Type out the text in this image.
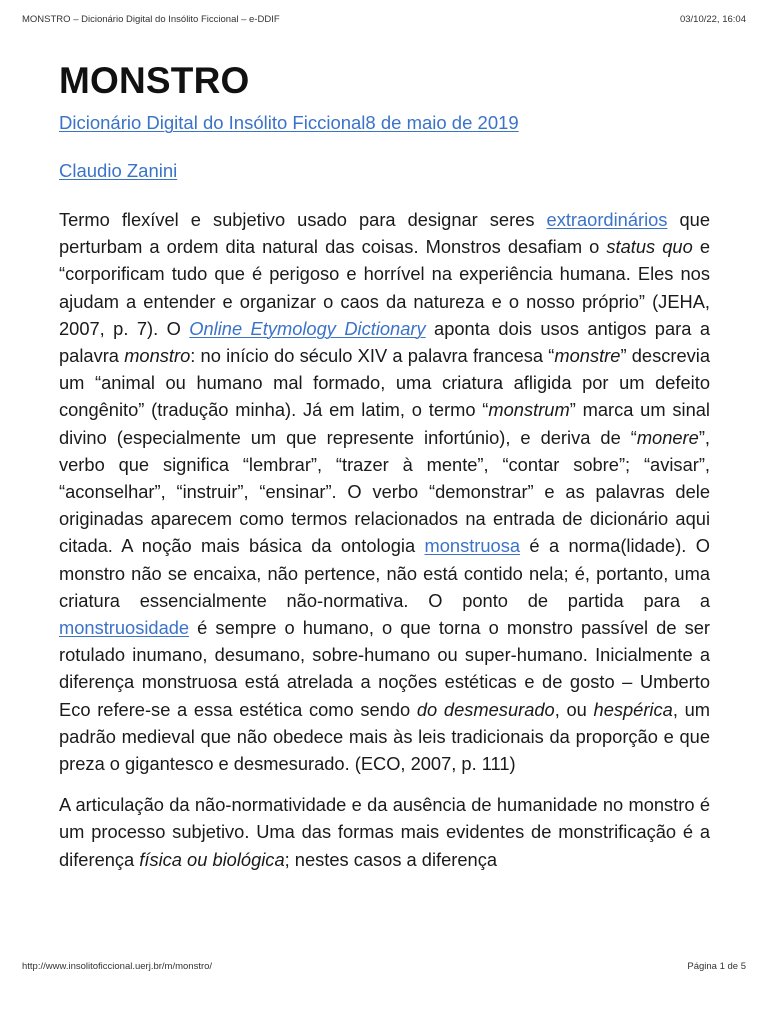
MONSTRO – Dicionário Digital do Insólito Ficcional – e-DDIF	03/10/22, 16:04
MONSTRO
Dicionário Digital do Insólito Ficcional8 de maio de 2019
Claudio Zanini

Termo flexível e subjetivo usado para designar seres extraordinários que perturbam a ordem dita natural das coisas. Monstros desafiam o status quo e “corporificam tudo que é perigoso e horrível na experiência humana. Eles nos ajudam a entender e organizar o caos da natureza e o nosso próprio” (JEHA, 2007, p. 7). O Online Etymology Dictionary aponta dois usos antigos para a palavra monstro: no início do século XIV a palavra francesa “monstre” descrevia um “animal ou humano mal formado, uma criatura afligida por um defeito congênito” (tradução minha). Já em latim, o termo “monstrum” marca um sinal divino (especialmente um que represente infortúnio), e deriva de “monere”, verbo que significa “lembrar”, “trazer à mente”, “contar sobre”; “avisar”, “aconselhar”, “instruir”, “ensinar”. O verbo “demonstrar” e as palavras dele originadas aparecem como termos relacionados na entrada de dicionário aqui citada. A noção mais básica da ontologia monstruosa é a norma(lidade). O monstro não se encaixa, não pertence, não está contido nela; é, portanto, uma criatura essencialmente não-normativa. O ponto de partida para a monstruosidade é sempre o humano, o que torna o monstro passível de ser rotulado inumano, desumano, sobre-humano ou super-humano. Inicialmente a diferença monstruosa está atrelada a noções estéticas e de gosto – Umberto Eco refere-se a essa estética como sendo do desmesurado, ou hespérica, um padrão medieval que não obedece mais às leis tradicionais da proporção e que preza o gigantesco e desmesurado. (ECO, 2007, p. 111)

A articulação da não-normatividade e da ausência de humanidade no monstro é um processo subjetivo. Uma das formas mais evidentes de monstrificação é a diferença física ou biológica; nestes casos a diferença

http://www.insolitoficcional.uerj.br/m/monstro/	Página 1 de 5
